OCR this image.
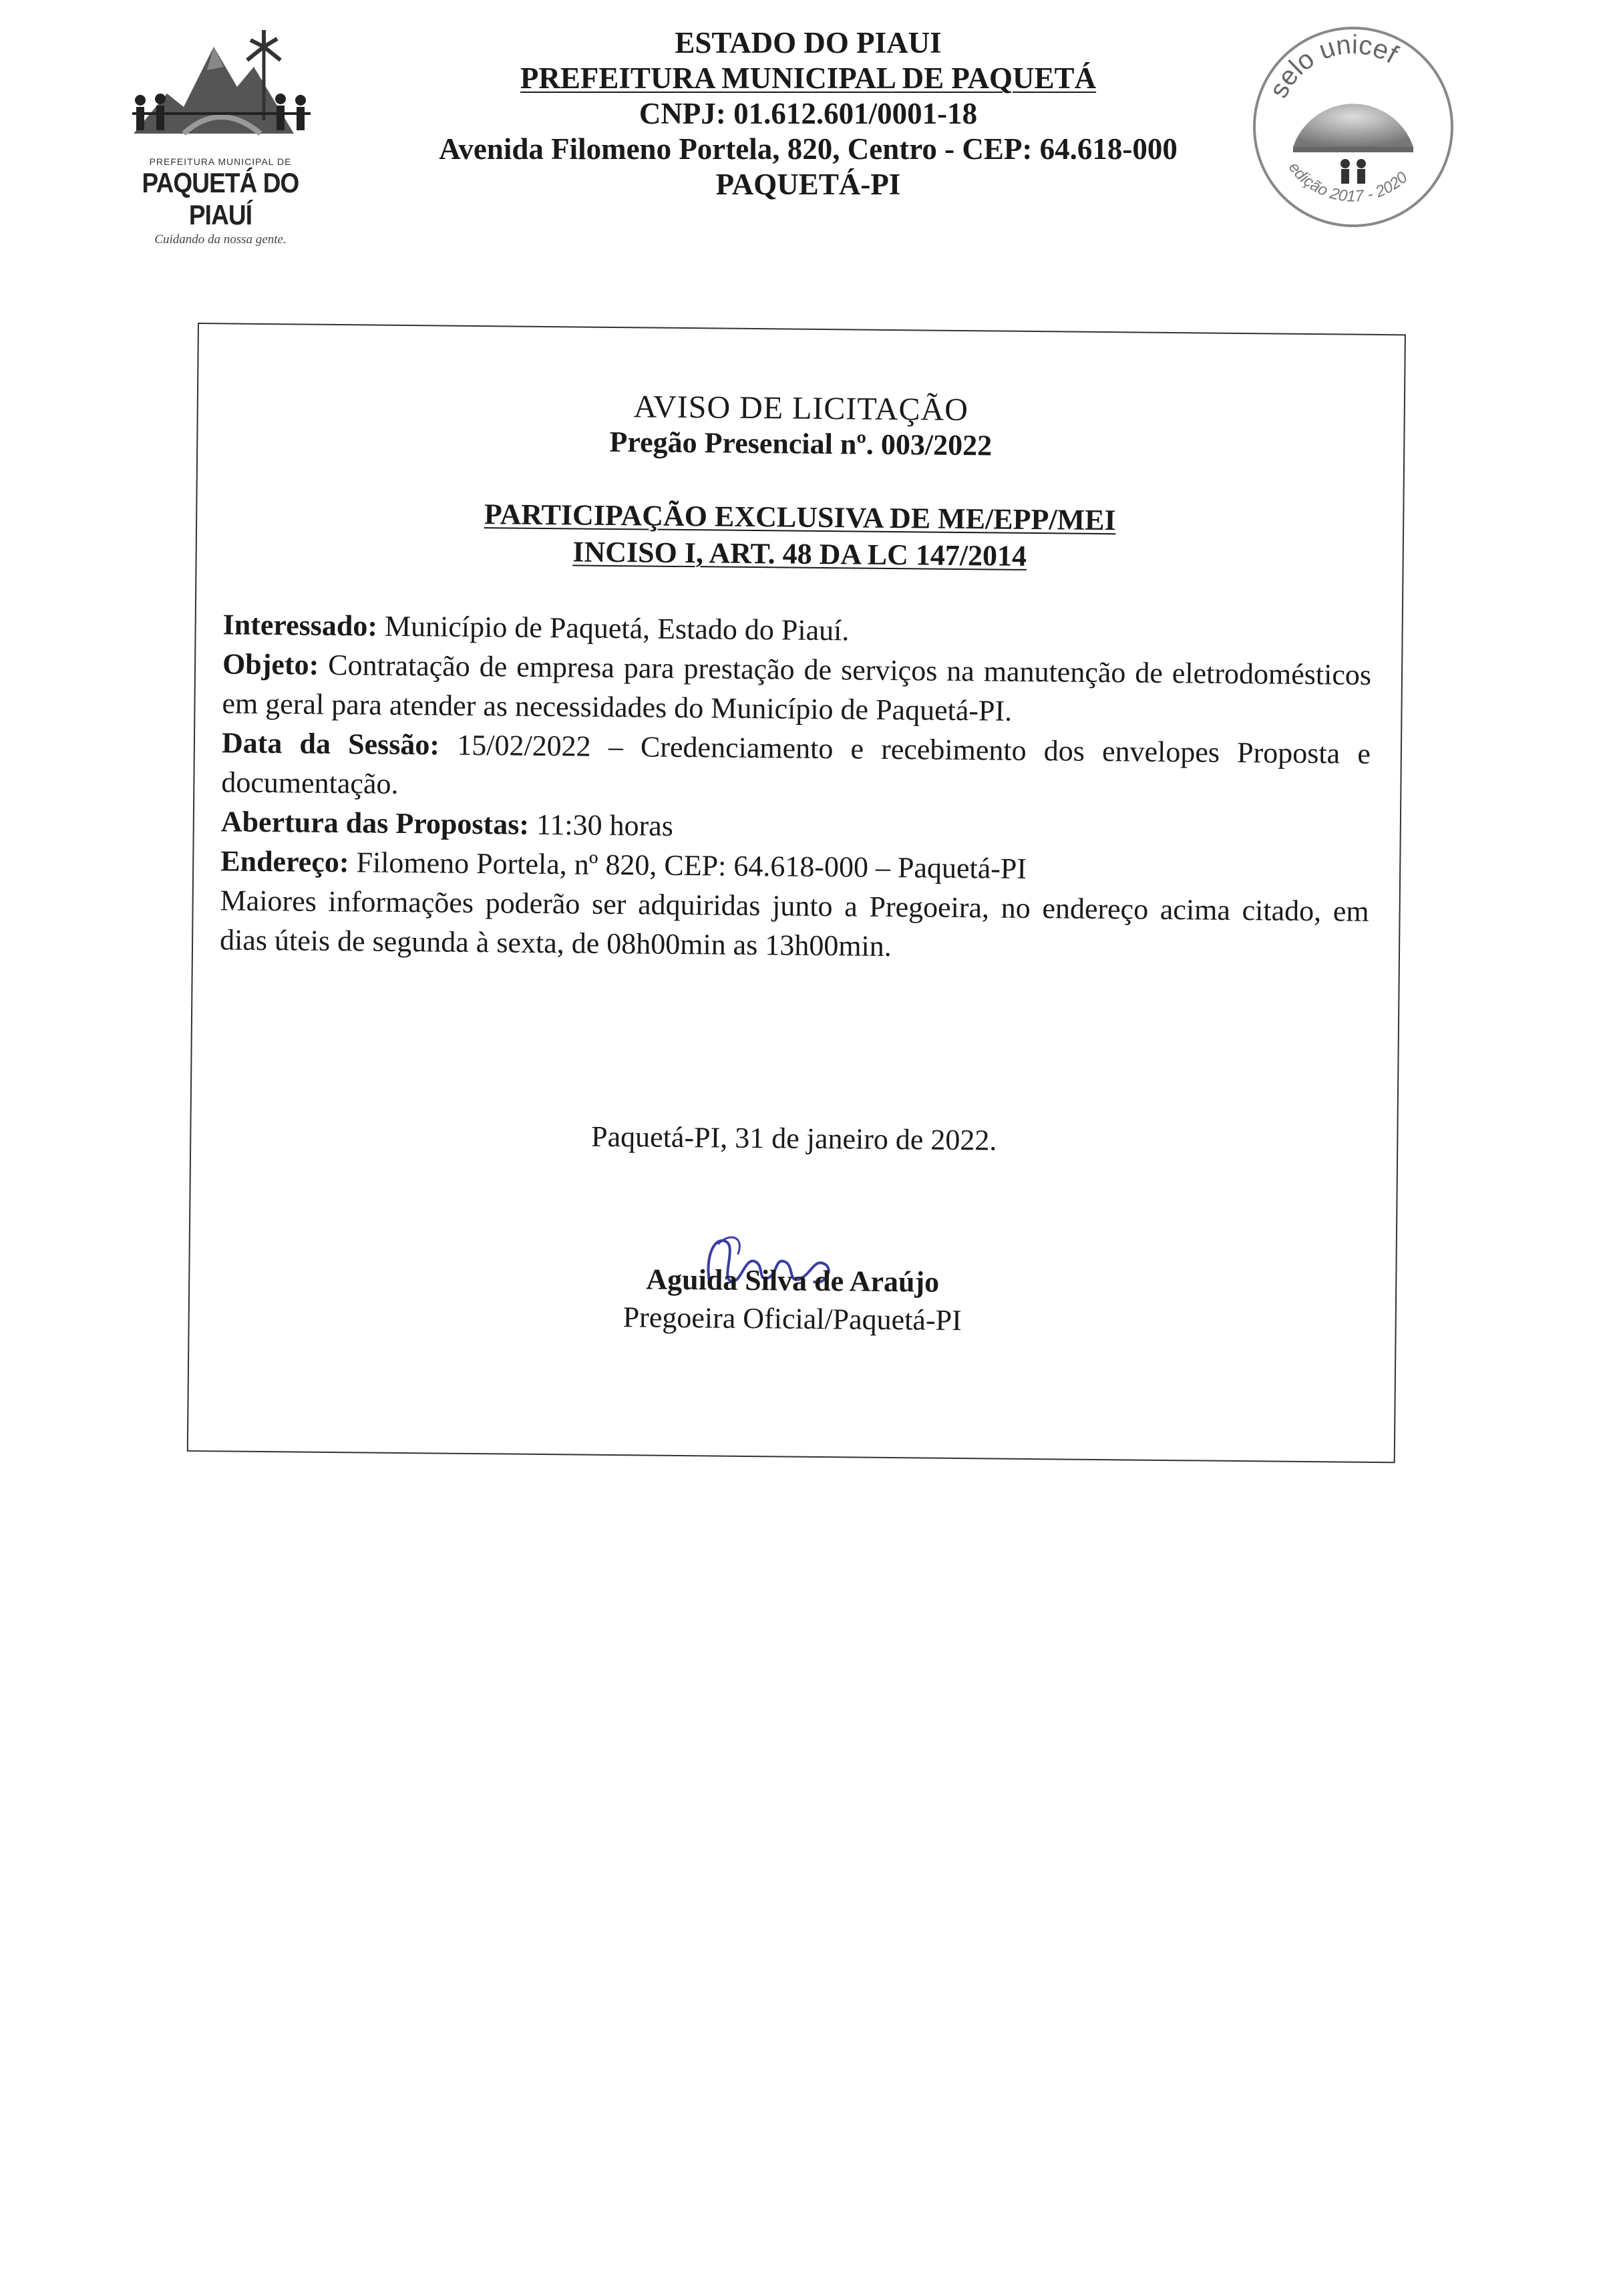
PREFEITURA MUNICIPAL DE
PAQUETÁ DO PIAUÍ
Cuidando da nossa gente.
ESTADO DO PIAUI
PREFEITURA MUNICIPAL DE PAQUETÁ
CNPJ: 01.612.601/0001-18
Avenida Filomeno Portela, 820, Centro - CEP: 64.618-000
PAQUETÁ-PI
selo unicef
edição 2017 - 2020
AVISO DE LICITAÇÃO
Pregão Presencial nº. 003/2022
PARTICIPAÇÃO EXCLUSIVA DE ME/EPP/MEI
INCISO I, ART. 48 DA LC 147/2014

Interessado: Município de Paquetá, Estado do Piauí.

Objeto: Contratação de empresa para prestação de serviços na manutenção de eletrodomésticos em geral para atender as necessidades do Município de Paquetá-PI.

Data da Sessão: 15/02/2022 – Credenciamento e recebimento dos envelopes Proposta e documentação.

Abertura das Propostas: 11:30 horas

Endereço: Filomeno Portela, nº 820, CEP: 64.618-000 – Paquetá-PI

Maiores informações poderão ser adquiridas junto a Pregoeira, no endereço acima citado, em dias úteis de segunda à sexta, de 08h00min as 13h00min.

Paquetá-PI, 31 de janeiro de 2022.
Aguida Silva de Araújo
Pregoeira Oficial/Paquetá-PI
